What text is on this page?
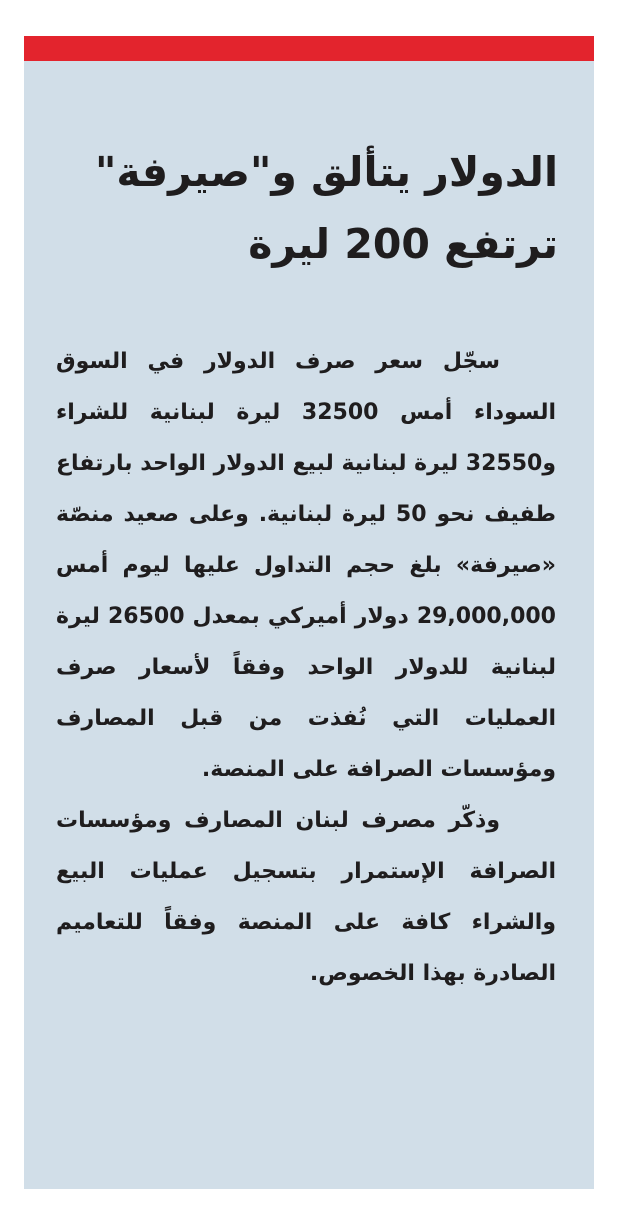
الدولار يتألق و"صيرفة"
ترتفع 200 ليرة

سجّل سعر صرف الدولار في السوق السوداء أمس 32500 ليرة لبنانية للشراء و32550 ليرة لبنانية لبيع الدولار الواحد بارتفاع طفيف نحو 50 ليرة لبنانية. وعلى صعيد منصّة «صيرفة» بلغ حجم التداول عليها ليوم أمس 29,000,000 دولار أميركي بمعدل 26500 ليرة لبنانية للدولار الواحد وفقاً لأسعار صرف العمليات التي نُفذت من قبل المصارف ومؤسسات الصرافة على المنصة.

وذكّر مصرف لبنان المصارف ومؤسسات الصرافة الإستمرار بتسجيل عمليات البيع والشراء كافة على المنصة وفقاً للتعاميم الصادرة بهذا الخصوص.
